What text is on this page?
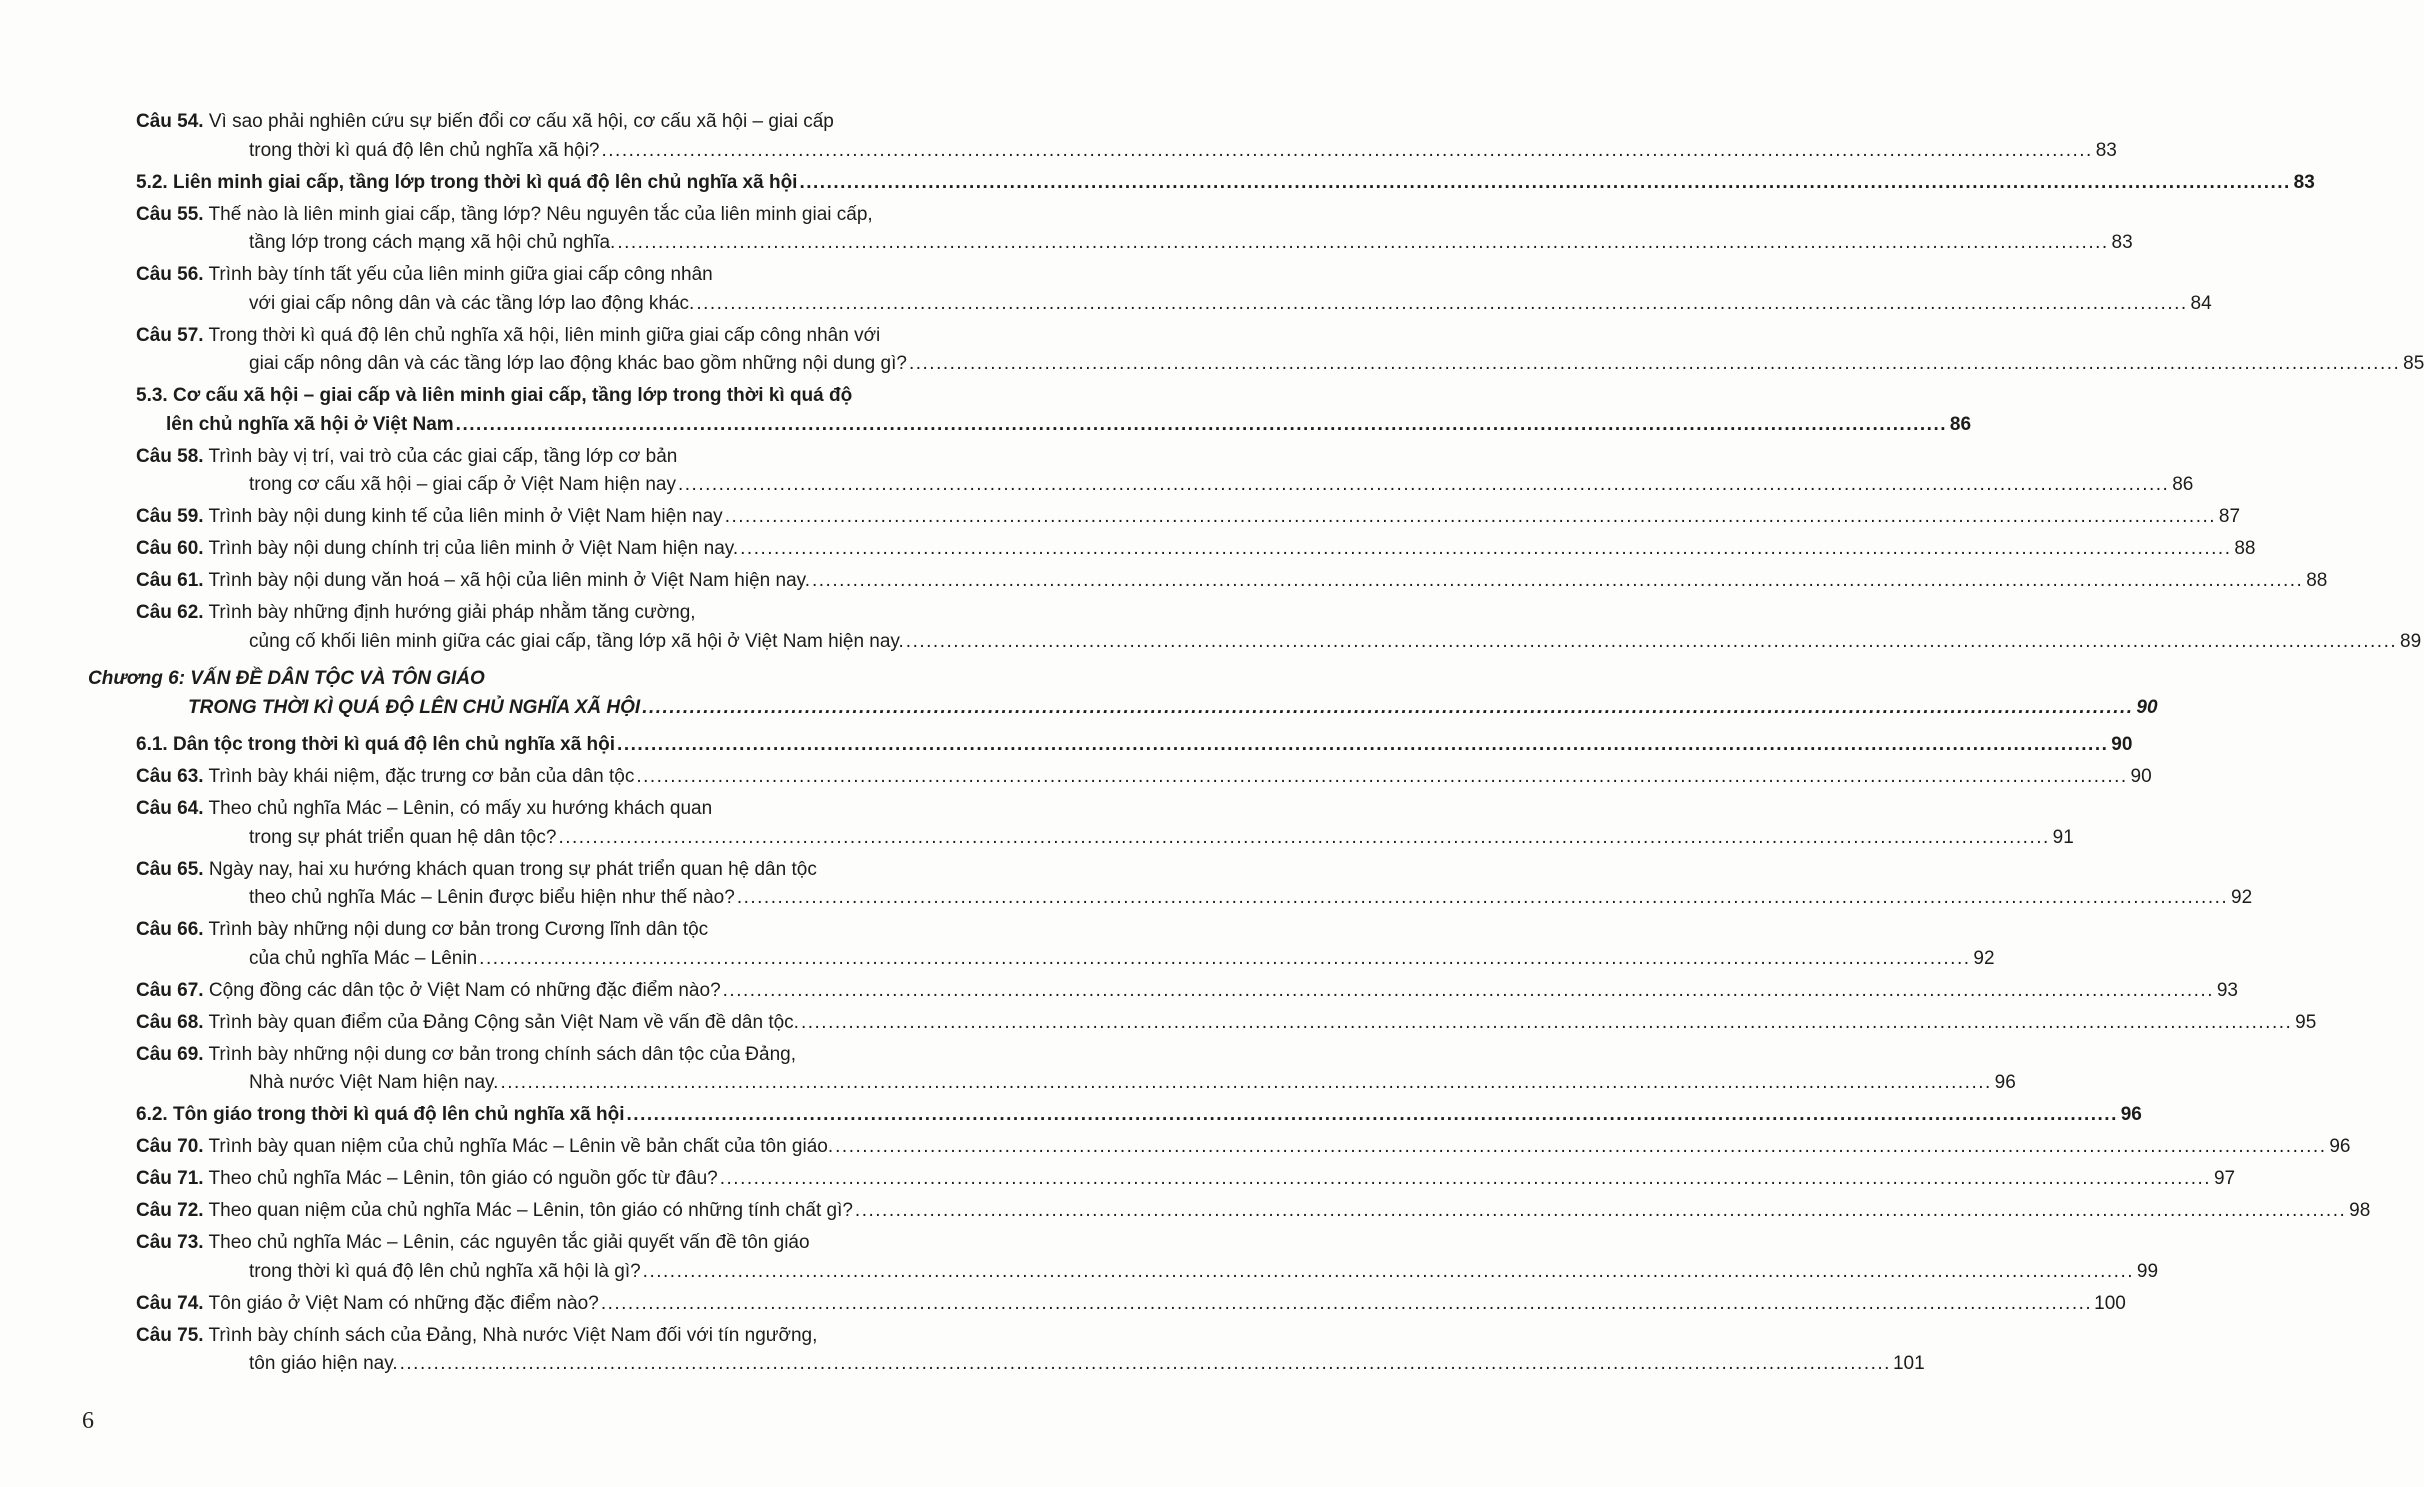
Câu 54. Vì sao phải nghiên cứu sự biến đổi cơ cấu xã hội, cơ cấu xã hội – giai cấp
trong thời kì quá độ lên chủ nghĩa xã hội? ............................................................................................................................................................................................................................ 83
5.2. Liên minh giai cấp, tầng lớp trong thời kì quá độ lên chủ nghĩa xã hội ............................................................................................................................................................................................................................ 83
Câu 55. Thế nào là liên minh giai cấp, tầng lớp? Nêu nguyên tắc của liên minh giai cấp,
tầng lớp trong cách mạng xã hội chủ nghĩa. ............................................................................................................................................................................................................................ 83
Câu 56. Trình bày tính tất yếu của liên minh giữa giai cấp công nhân
với giai cấp nông dân và các tầng lớp lao động khác. ............................................................................................................................................................................................................................ 84
Câu 57. Trong thời kì quá độ lên chủ nghĩa xã hội, liên minh giữa giai cấp công nhân với
giai cấp nông dân và các tầng lớp lao động khác bao gồm những nội dung gì? ............................................................................................................................................................................................................................ 85
5.3. Cơ cấu xã hội – giai cấp và liên minh giai cấp, tầng lớp trong thời kì quá độ
lên chủ nghĩa xã hội ở Việt Nam ............................................................................................................................................................................................................................ 86
Câu 58. Trình bày vị trí, vai trò của các giai cấp, tầng lớp cơ bản
trong cơ cấu xã hội – giai cấp ở Việt Nam hiện nay ............................................................................................................................................................................................................................ 86
Câu 59. Trình bày nội dung kinh tế của liên minh ở Việt Nam hiện nay ............................................................................................................................................................................................................................ 87
Câu 60. Trình bày nội dung chính trị của liên minh ở Việt Nam hiện nay. ............................................................................................................................................................................................................................ 88
Câu 61. Trình bày nội dung văn hoá – xã hội của liên minh ở Việt Nam hiện nay. ............................................................................................................................................................................................................................ 88
Câu 62. Trình bày những định hướng giải pháp nhằm tăng cường,
củng cố khối liên minh giữa các giai cấp, tầng lớp xã hội ở Việt Nam hiện nay. ............................................................................................................................................................................................................................ 89
Chương 6: VẤN ĐỀ DÂN TỘC VÀ TÔN GIÁO
TRONG THỜI KÌ QUÁ ĐỘ LÊN CHỦ NGHĨA XÃ HỘI ............................................................................................................................................................................................................................ 90
6.1. Dân tộc trong thời kì quá độ lên chủ nghĩa xã hội ............................................................................................................................................................................................................................ 90
Câu 63. Trình bày khái niệm, đặc trưng cơ bản của dân tộc ............................................................................................................................................................................................................................ 90
Câu 64. Theo chủ nghĩa Mác – Lênin, có mấy xu hướng khách quan
trong sự phát triển quan hệ dân tộc? ............................................................................................................................................................................................................................ 91
Câu 65. Ngày nay, hai xu hướng khách quan trong sự phát triển quan hệ dân tộc
theo chủ nghĩa Mác – Lênin được biểu hiện như thế nào? ............................................................................................................................................................................................................................ 92
Câu 66. Trình bày những nội dung cơ bản trong Cương lĩnh dân tộc
của chủ nghĩa Mác – Lênin ............................................................................................................................................................................................................................ 92
Câu 67. Cộng đồng các dân tộc ở Việt Nam có những đặc điểm nào? ............................................................................................................................................................................................................................ 93
Câu 68. Trình bày quan điểm của Đảng Cộng sản Việt Nam về vấn đề dân tộc. ............................................................................................................................................................................................................................ 95
Câu 69. Trình bày những nội dung cơ bản trong chính sách dân tộc của Đảng,
Nhà nước Việt Nam hiện nay. ............................................................................................................................................................................................................................ 96
6.2. Tôn giáo trong thời kì quá độ lên chủ nghĩa xã hội ............................................................................................................................................................................................................................ 96
Câu 70. Trình bày quan niệm của chủ nghĩa Mác – Lênin về bản chất của tôn giáo. ............................................................................................................................................................................................................................ 96
Câu 71. Theo chủ nghĩa Mác – Lênin, tôn giáo có nguồn gốc từ đâu? ............................................................................................................................................................................................................................ 97
Câu 72. Theo quan niệm của chủ nghĩa Mác – Lênin, tôn giáo có những tính chất gì? ............................................................................................................................................................................................................................ 98
Câu 73. Theo chủ nghĩa Mác – Lênin, các nguyên tắc giải quyết vấn đề tôn giáo
trong thời kì quá độ lên chủ nghĩa xã hội là gì? ............................................................................................................................................................................................................................ 99
Câu 74. Tôn giáo ở Việt Nam có những đặc điểm nào? ............................................................................................................................................................................................................................ 100
Câu 75. Trình bày chính sách của Đảng, Nhà nước Việt Nam đối với tín ngưỡng,
tôn giáo hiện nay. ............................................................................................................................................................................................................................ 101
6
